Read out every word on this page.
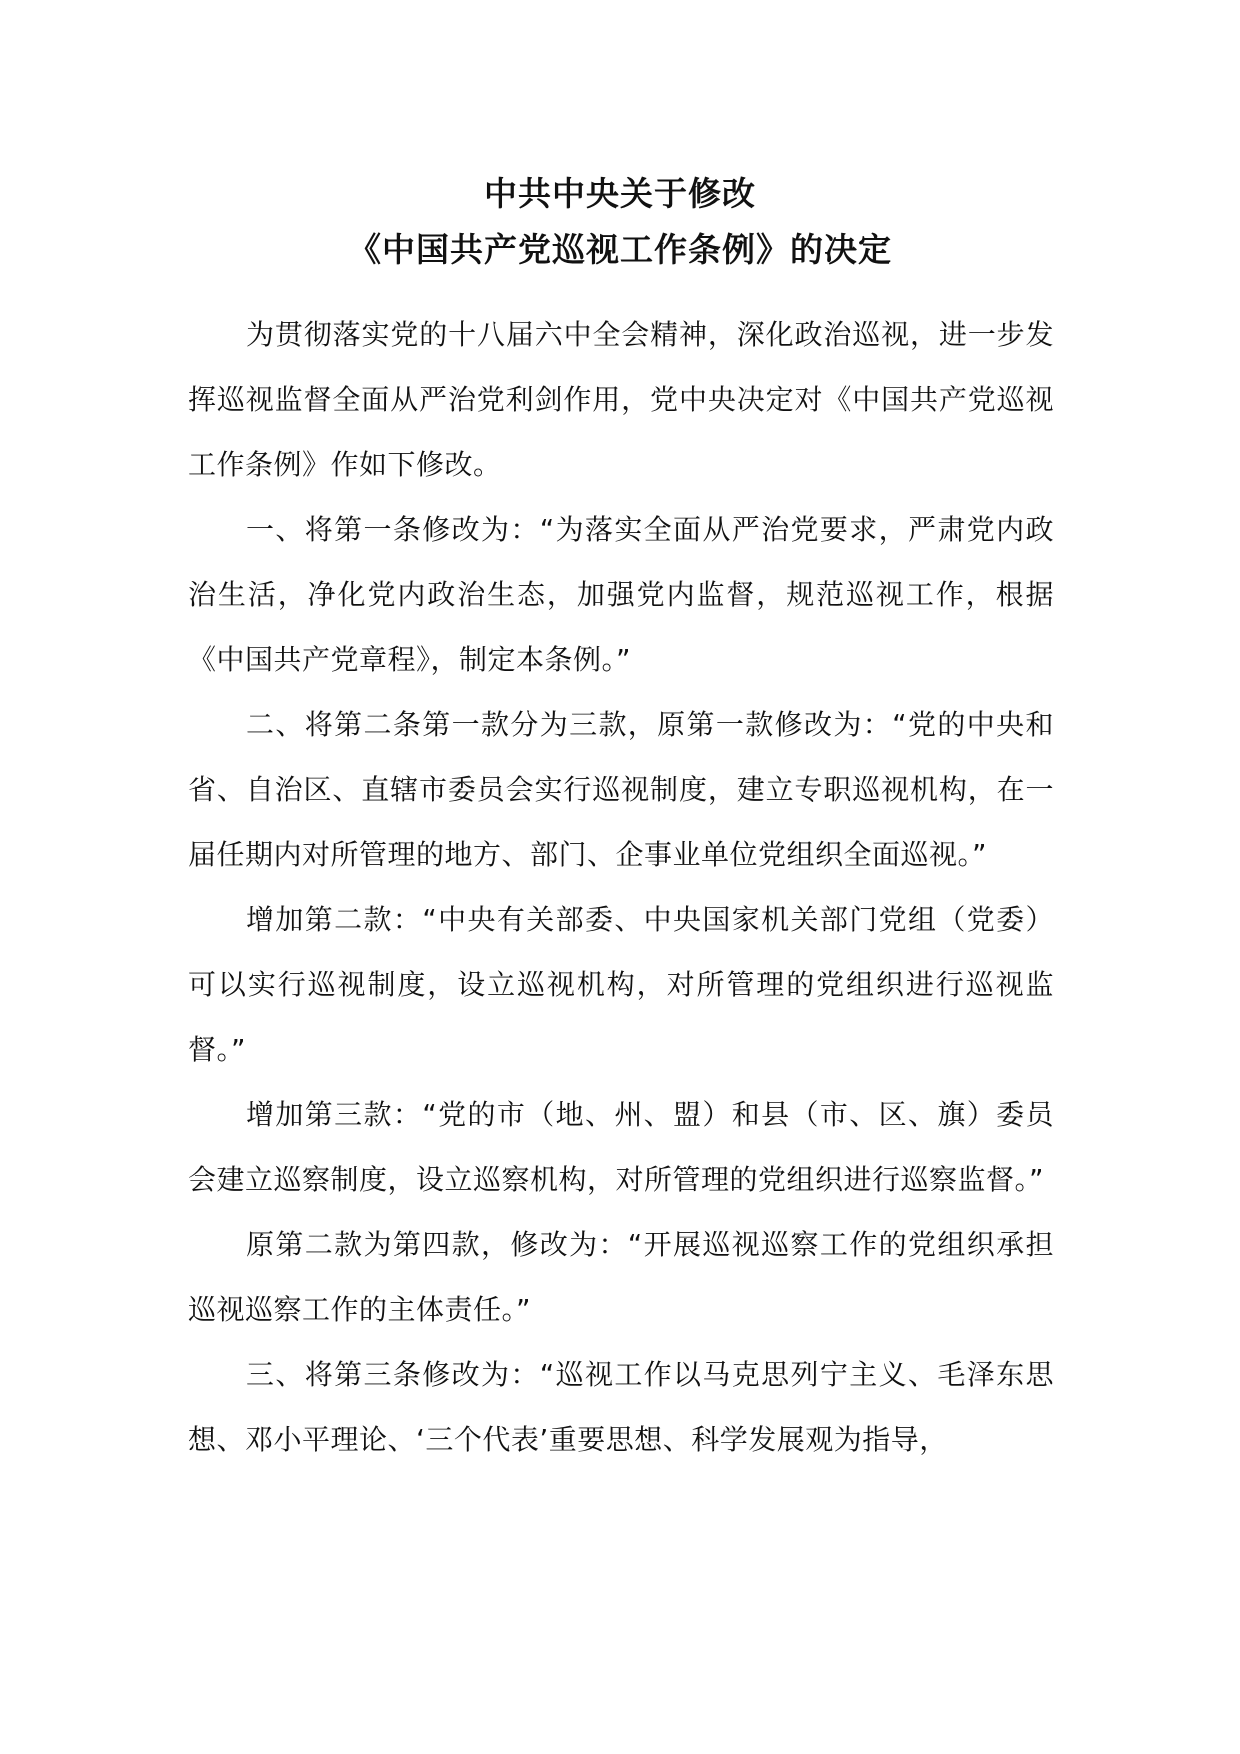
中共中央关于修改

《中国共产党巡视工作条例》的决定

为贯彻落实党的十八届六中全会精神，深化政治巡视，进一步发挥巡视监督全面从严治党利剑作用，党中央决定对《中国共产党巡视工作条例》作如下修改。

一、将第一条修改为：“为落实全面从严治党要求，严肃党内政治生活，净化党内政治生态，加强党内监督，规范巡视工作，根据《中国共产党章程》，制定本条例。”

二、将第二条第一款分为三款，原第一款修改为：“党的中央和省、自治区、直辖市委员会实行巡视制度，建立专职巡视机构，在一届任期内对所管理的地方、部门、企事业单位党组织全面巡视。”

增加第二款：“中央有关部委、中央国家机关部门党组（党委）可以实行巡视制度，设立巡视机构，对所管理的党组织进行巡视监督。”

增加第三款：“党的市（地、州、盟）和县（市、区、旗）委员会建立巡察制度，设立巡察机构，对所管理的党组织进行巡察监督。”

原第二款为第四款，修改为：“开展巡视巡察工作的党组织承担巡视巡察工作的主体责任。”

三、将第三条修改为：“巡视工作以马克思列宁主义、毛泽东思想、邓小平理论、‘三个代表’重要思想、科学发展观为指导，
